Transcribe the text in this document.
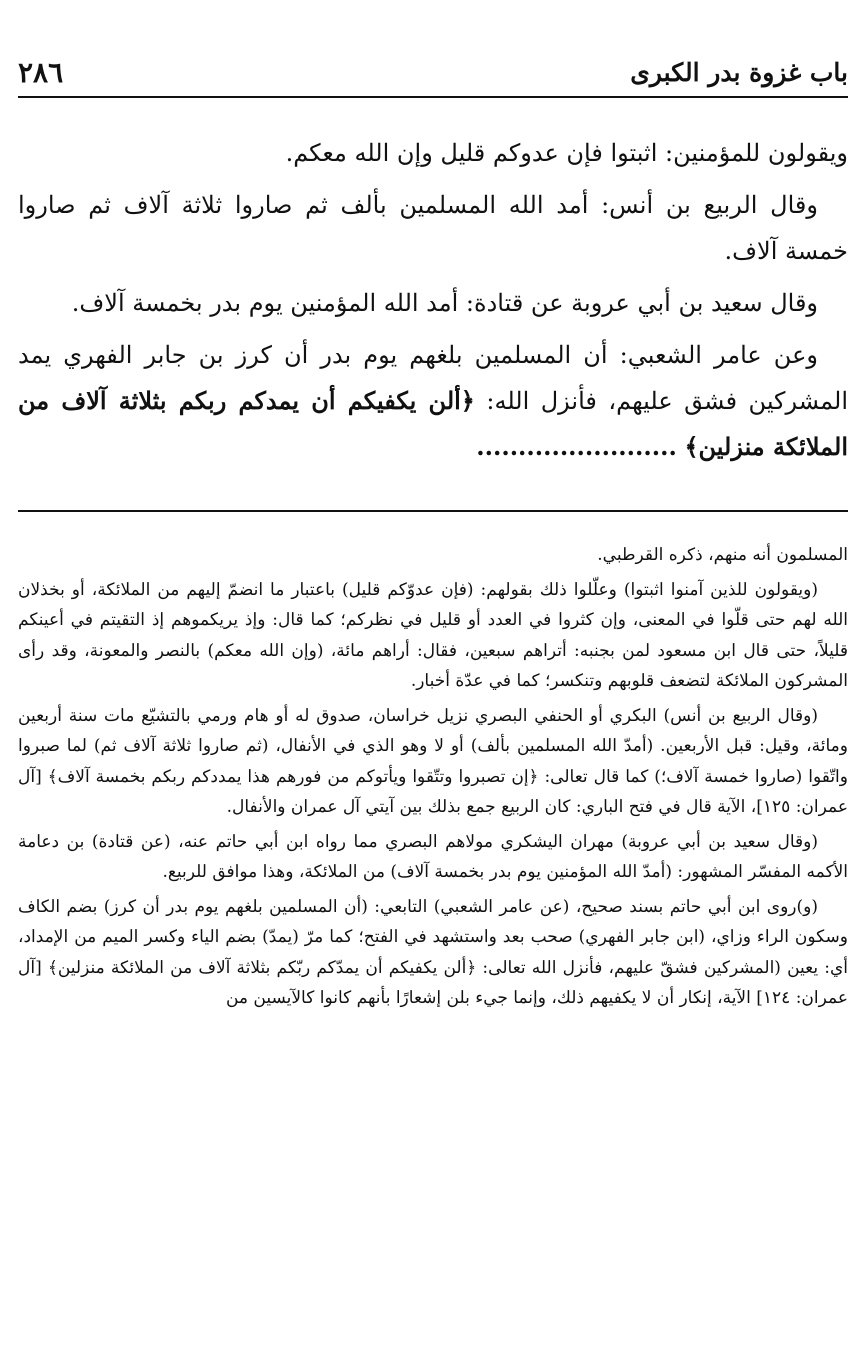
٢٨٦	باب غزوة بدر الكبرى

ويقولون للمؤمنين: اثبتوا فإن عدوكم قليل وإن الله معكم.

وقال الربيع بن أنس: أمد الله المسلمين بألف ثم صاروا ثلاثة آلاف ثم صاروا خمسة آلاف.

وقال سعيد بن أبي عروبة عن قتادة: أمد الله المؤمنين يوم بدر بخمسة آلاف.

وعن عامر الشعبي: أن المسلمين بلغهم يوم بدر أن كرز بن جابر الفهري يمد المشركين فشق عليهم، فأنزل الله: ﴿ألن يكفيكم أن يمدكم ربكم بثلاثة آلاف من الملائكة منزلين﴾ ........................

المسلمون أنه منهم، ذكره القرطبي.

(ويقولون للذين آمنوا اثبتوا) وعلّلوا ذلك بقولهم: (فإن عدوّكم قليل) باعتبار ما انضمّ إليهم من الملائكة، أو بخذلان الله لهم حتى قلّوا في المعنى، وإن كثروا في العدد أو قليل في نظركم؛ كما قال: وإذ يريكموهم إذ التقيتم في أعينكم قليلاً، حتى قال ابن مسعود لمن بجنبه: أتراهم سبعين، فقال: أراهم مائة، (وإن الله معكم) بالنصر والمعونة، وقد رأى المشركون الملائكة لتضعف قلوبهم وتنكسر؛ كما في عدّة أخبار.

(وقال الربيع بن أنس) البكري أو الحنفي البصري نزيل خراسان، صدوق له أو هام ورمي بالتشيّع مات سنة أربعين ومائة، وقيل: قبل الأربعين. (أمدّ الله المسلمين بألف) أو لا وهو الذي في الأنفال، (ثم صاروا ثلاثة آلاف ثم) لما صبروا واتّقوا (صاروا خمسة آلاف؛) كما قال تعالى: ﴿إن تصبروا وتتّقوا ويأتوكم من فورهم هذا يمددكم ربكم بخمسة آلاف﴾ [آل عمران: ١٢٥]، الآية قال في فتح الباري: كان الربيع جمع بذلك بين آيتي آل عمران والأنفال.

(وقال سعيد بن أبي عروبة) مهران اليشكري مولاهم البصري مما رواه ابن أبي حاتم عنه، (عن قتادة) بن دعامة الأكمه المفسّر المشهور: (أمدّ الله المؤمنين يوم بدر بخمسة آلاف) من الملائكة، وهذا موافق للربيع.

(و)روى ابن أبي حاتم بسند صحيح، (عن عامر الشعبي) التابعي: (أن المسلمين بلغهم يوم بدر أن كرز) بضم الكاف وسكون الراء وزاي، (ابن جابر الفهري) صحب بعد واستشهد في الفتح؛ كما مرّ (يمدّ) بضم الياء وكسر الميم من الإمداد، أي: يعين (المشركين فشقّ عليهم، فأنزل الله تعالى: ﴿ألن يكفيكم أن يمدّكم ربّكم بثلاثة آلاف من الملائكة منزلين﴾ [آل عمران: ١٢٤] الآية، إنكار أن لا يكفيهم ذلك، وإنما جيء بلن إشعارًا بأنهم كانوا كالآيسين من
